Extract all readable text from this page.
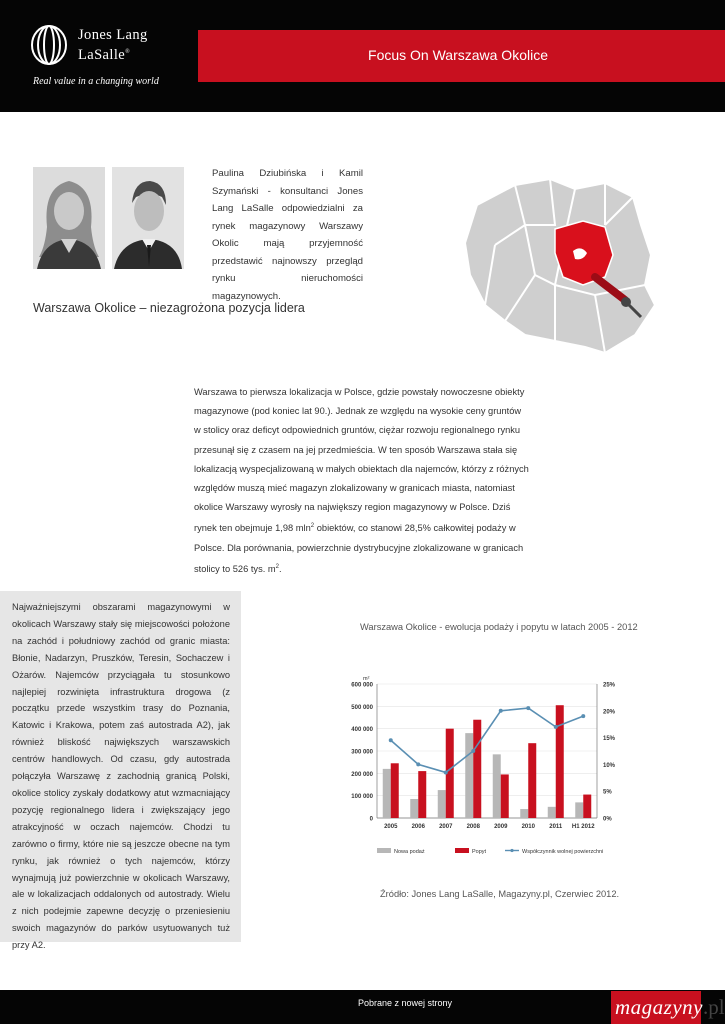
Jones Lang
LaSalle®
Real value in a changing world
Focus On Warszawa Okolice
Paulina Dziubińska i Kamil Szymański - konsultanci Jones Lang LaSalle odpowiedzialni za rynek magazynowy Warszawy Okolic mają przyjemność przedstawić najnowszy przegląd rynku nieruchomości magazynowych.
Warszawa Okolice – niezagrożona pozycja lidera

Warszawa to pierwsza lokalizacja w Polsce, gdzie powstały nowoczesne obiekty magazynowe (pod koniec lat 90.). Jednak ze względu na wysokie ceny gruntów w stolicy oraz deficyt odpowiednich gruntów, ciężar rozwoju regionalnego rynku przesunął się z czasem na jej przedmieścia. W ten sposób Warszawa stała się lokalizacją wyspecjalizowaną w małych obiektach dla najemców, którzy z różnych względów muszą mieć magazyn zlokalizowany w granicach miasta, natomiast okolice Warszawy wyrosły na największy region magazynowy w Polsce. Dziś rynek ten obejmuje 1,98 mln$^2$ obiektów, co stanowi 28,5% całkowitej podaży w Polsce. Dla porównania, powierzchnie dystrybucyjne zlokalizowane w granicach stolicy to 526 tys. $m^2$.

Najważniejszymi obszarami magazynowymi w okolicach Warszawy stały się miejscowości położone na zachód i południowy zachód od granic miasta: Błonie, Nadarzyn, Pruszków, Teresin, Sochaczew i Ożarów. Najemców przyciągała tu stosunkowo najlepiej rozwinięta infrastruktura drogowa (z początku przede wszystkim trasy do Poznania, Katowic i Krakowa, potem zaś autostrada A2), jak również bliskość największych warszawskich centrów handlowych. Od czasu, gdy autostrada połączyła Warszawę z zachodnią granicą Polski, okolice stolicy zyskały dodatkowy atut wzmacniający pozycję regionalnego lidera i zwiększający jego atrakcyjność w oczach najemców. Chodzi tu zarówno o firmy, które nie są jeszcze obecne na tym rynku, jak również o tych najemców, którzy wynajmują już powierzchnie w okolicach Warszawy, ale w lokalizacjach oddalonych od autostrady. Wielu z nich podejmie zapewne decyzję o przeniesieniu swoich magazynów do parków usytuowanych tuż przy A2.
Warszawa Okolice - ewolucja podaży i popytu w latach 2005 - 2012
0
100 000
200 000
300 000
400 000
500 000
600 000
0%
5%
10%
15%
20%
25%
m²
2005 2006 2007 2008 2009 2010 2011 H1 2012
Nowa podaż	Popyt	Współczynnik wolnej powierzchni
Źródło: Jones Lang LaSalle, Magazyny.pl, Czerwiec 2012.
Pobrane z nowej strony	magazyny .pl
